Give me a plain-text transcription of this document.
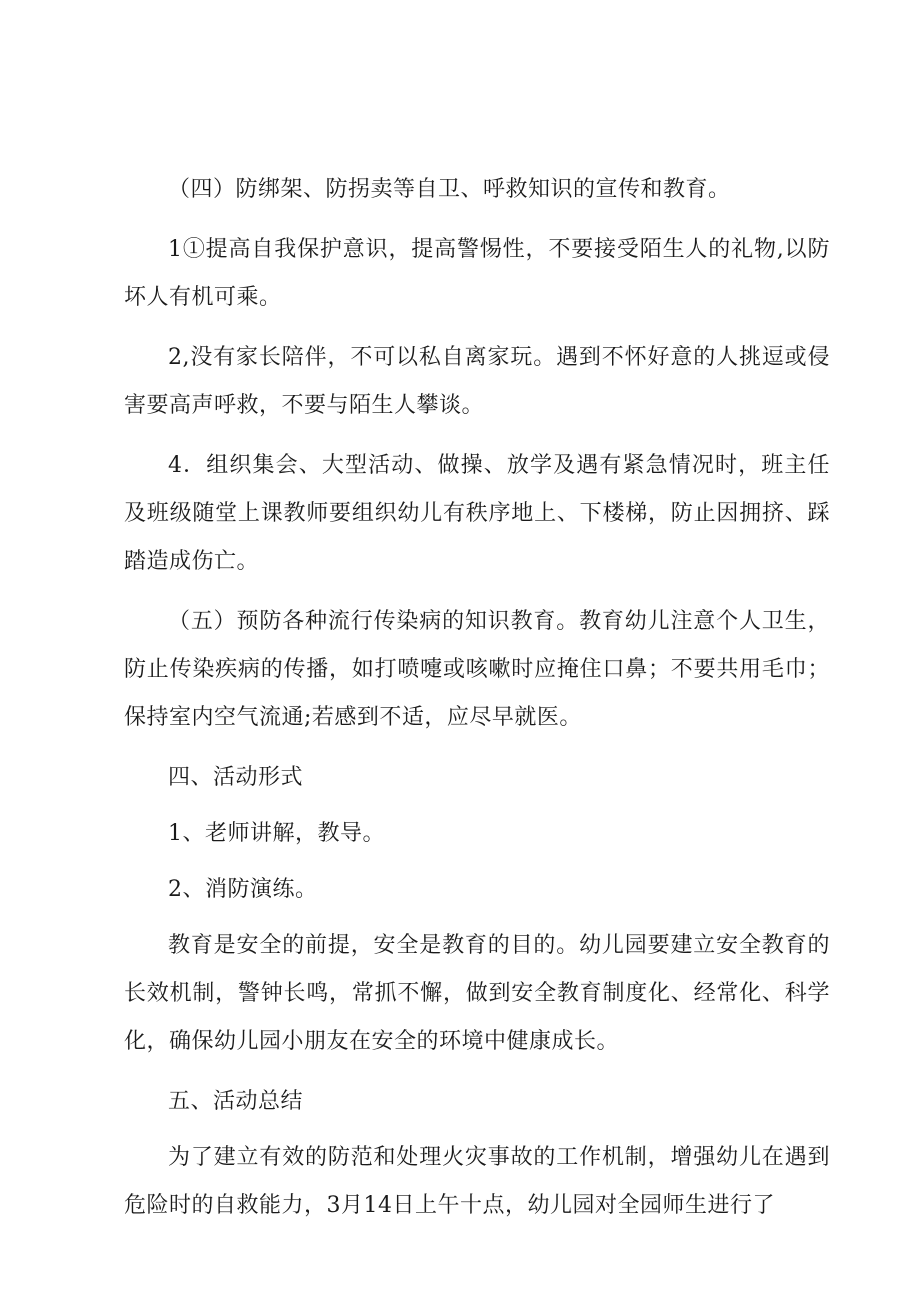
（四）防绑架、防拐卖等自卫、呼救知识的宣传和教育。

1①提高自我保护意识，提高警惕性，不要接受陌生人的礼物,以防坏人有机可乘。

2,没有家长陪伴，不可以私自离家玩。遇到不怀好意的人挑逗或侵害要高声呼救，不要与陌生人攀谈。

4．组织集会、大型活动、做操、放学及遇有紧急情况时，班主任及班级随堂上课教师要组织幼儿有秩序地上、下楼梯，防止因拥挤、踩踏造成伤亡。

（五）预防各种流行传染病的知识教育。教育幼儿注意个人卫生，防止传染疾病的传播，如打喷嚏或咳嗽时应掩住口鼻；不要共用毛巾；保持室内空气流通;若感到不适，应尽早就医。

四、活动形式

1、老师讲解，教导。

2、消防演练。

教育是安全的前提，安全是教育的目的。幼儿园要建立安全教育的长效机制，警钟长鸣，常抓不懈，做到安全教育制度化、经常化、科学化，确保幼儿园小朋友在安全的环境中健康成长。

五、活动总结

为了建立有效的防范和处理火灾事故的工作机制，增强幼儿在遇到危险时的自救能力，3月14日上午十点，幼儿园对全园师生进行了
